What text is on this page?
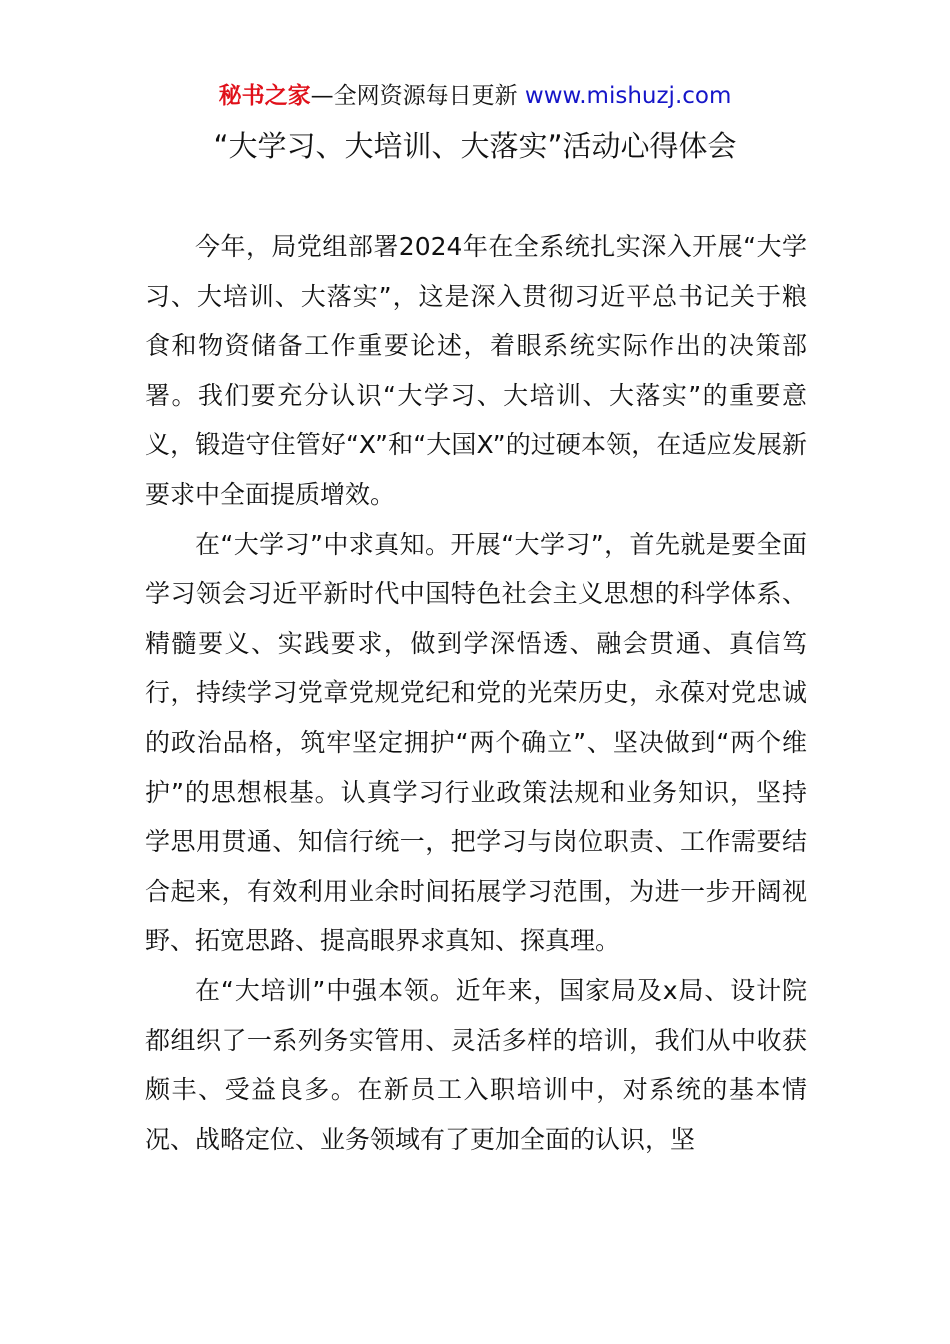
秘书之家—全网资源每日更新 www.mishuzj.com
“大学习、大培训、大落实”活动心得体会

今年，局党组部署2024年在全系统扎实深入开展“大学习、大培训、大落实”，这是深入贯彻习近平总书记关于粮食和物资储备工作重要论述，着眼系统实际作出的决策部署。我们要充分认识“大学习、大培训、大落实”的重要意义，锻造守住管好“X”和“大国X”的过硬本领，在适应发展新要求中全面提质增效。

在“大学习”中求真知。开展“大学习”，首先就是要全面学习领会习近平新时代中国特色社会主义思想的科学体系、精髓要义、实践要求，做到学深悟透、融会贯通、真信笃行，持续学习党章党规党纪和党的光荣历史，永葆对党忠诚的政治品格，筑牢坚定拥护“两个确立”、坚决做到“两个维护”的思想根基。认真学习行业政策法规和业务知识，坚持学思用贯通、知信行统一，把学习与岗位职责、工作需要结合起来，有效利用业余时间拓展学习范围，为进一步开阔视野、拓宽思路、提高眼界求真知、探真理。

在“大培训”中强本领。近年来，国家局及x局、设计院都组织了一系列务实管用、灵活多样的培训，我们从中收获颇丰、受益良多。在新员工入职培训中，对系统的基本情况、战略定位、业务领域有了更加全面的认识，坚
